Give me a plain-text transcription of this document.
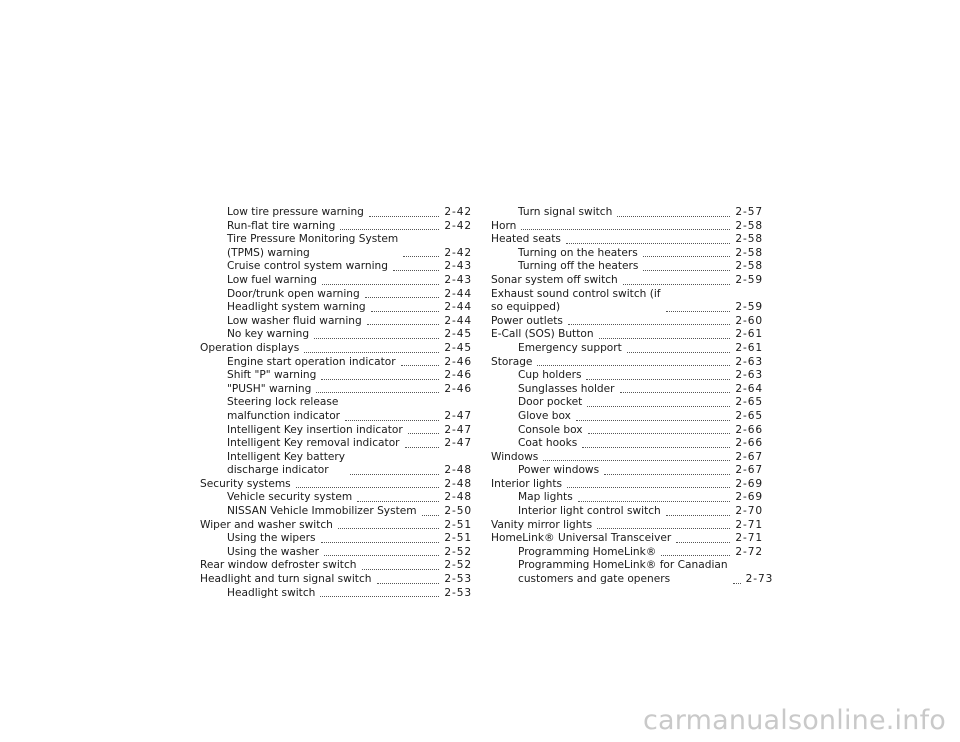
Low tire pressure warning	2-42
Run-flat tire warning	2-42
Tire Pressure Monitoring System
(TPMS) warning	2-42
Cruise control system warning	2-43
Low fuel warning	2-43
Door/trunk open warning	2-44
Headlight system warning	2-44
Low washer fluid warning	2-44
No key warning	2-45
Operation displays	2-45
Engine start operation indicator	2-46
Shift "P" warning	2-46
"PUSH" warning	2-46
Steering lock release
malfunction indicator	2-47
Intelligent Key insertion indicator	2-47
Intelligent Key removal indicator	2-47
Intelligent Key battery
discharge indicator	2-48
Security systems	2-48
Vehicle security system	2-48
NISSAN Vehicle Immobilizer System	2-50
Wiper and washer switch	2-51
Using the wipers	2-51
Using the washer	2-52
Rear window defroster switch	2-52
Headlight and turn signal switch	2-53
Headlight switch	2-53
Turn signal switch	2-57
Horn	2-58
Heated seats	2-58
Turning on the heaters	2-58
Turning off the heaters	2-58
Sonar system off switch	2-59
Exhaust sound control switch (if
so equipped)	2-59
Power outlets	2-60
E-Call (SOS) Button	2-61
Emergency support	2-61
Storage	2-63
Cup holders	2-63
Sunglasses holder	2-64
Door pocket	2-65
Glove box	2-65
Console box	2-66
Coat hooks	2-66
Windows	2-67
Power windows	2-67
Interior lights	2-69
Map lights	2-69
Interior light control switch	2-70
Vanity mirror lights	2-71
HomeLink® Universal Transceiver	2-71
Programming HomeLink®	2-72
Programming HomeLink® for Canadian
customers and gate openers	2-73
carmanualsonline.info
